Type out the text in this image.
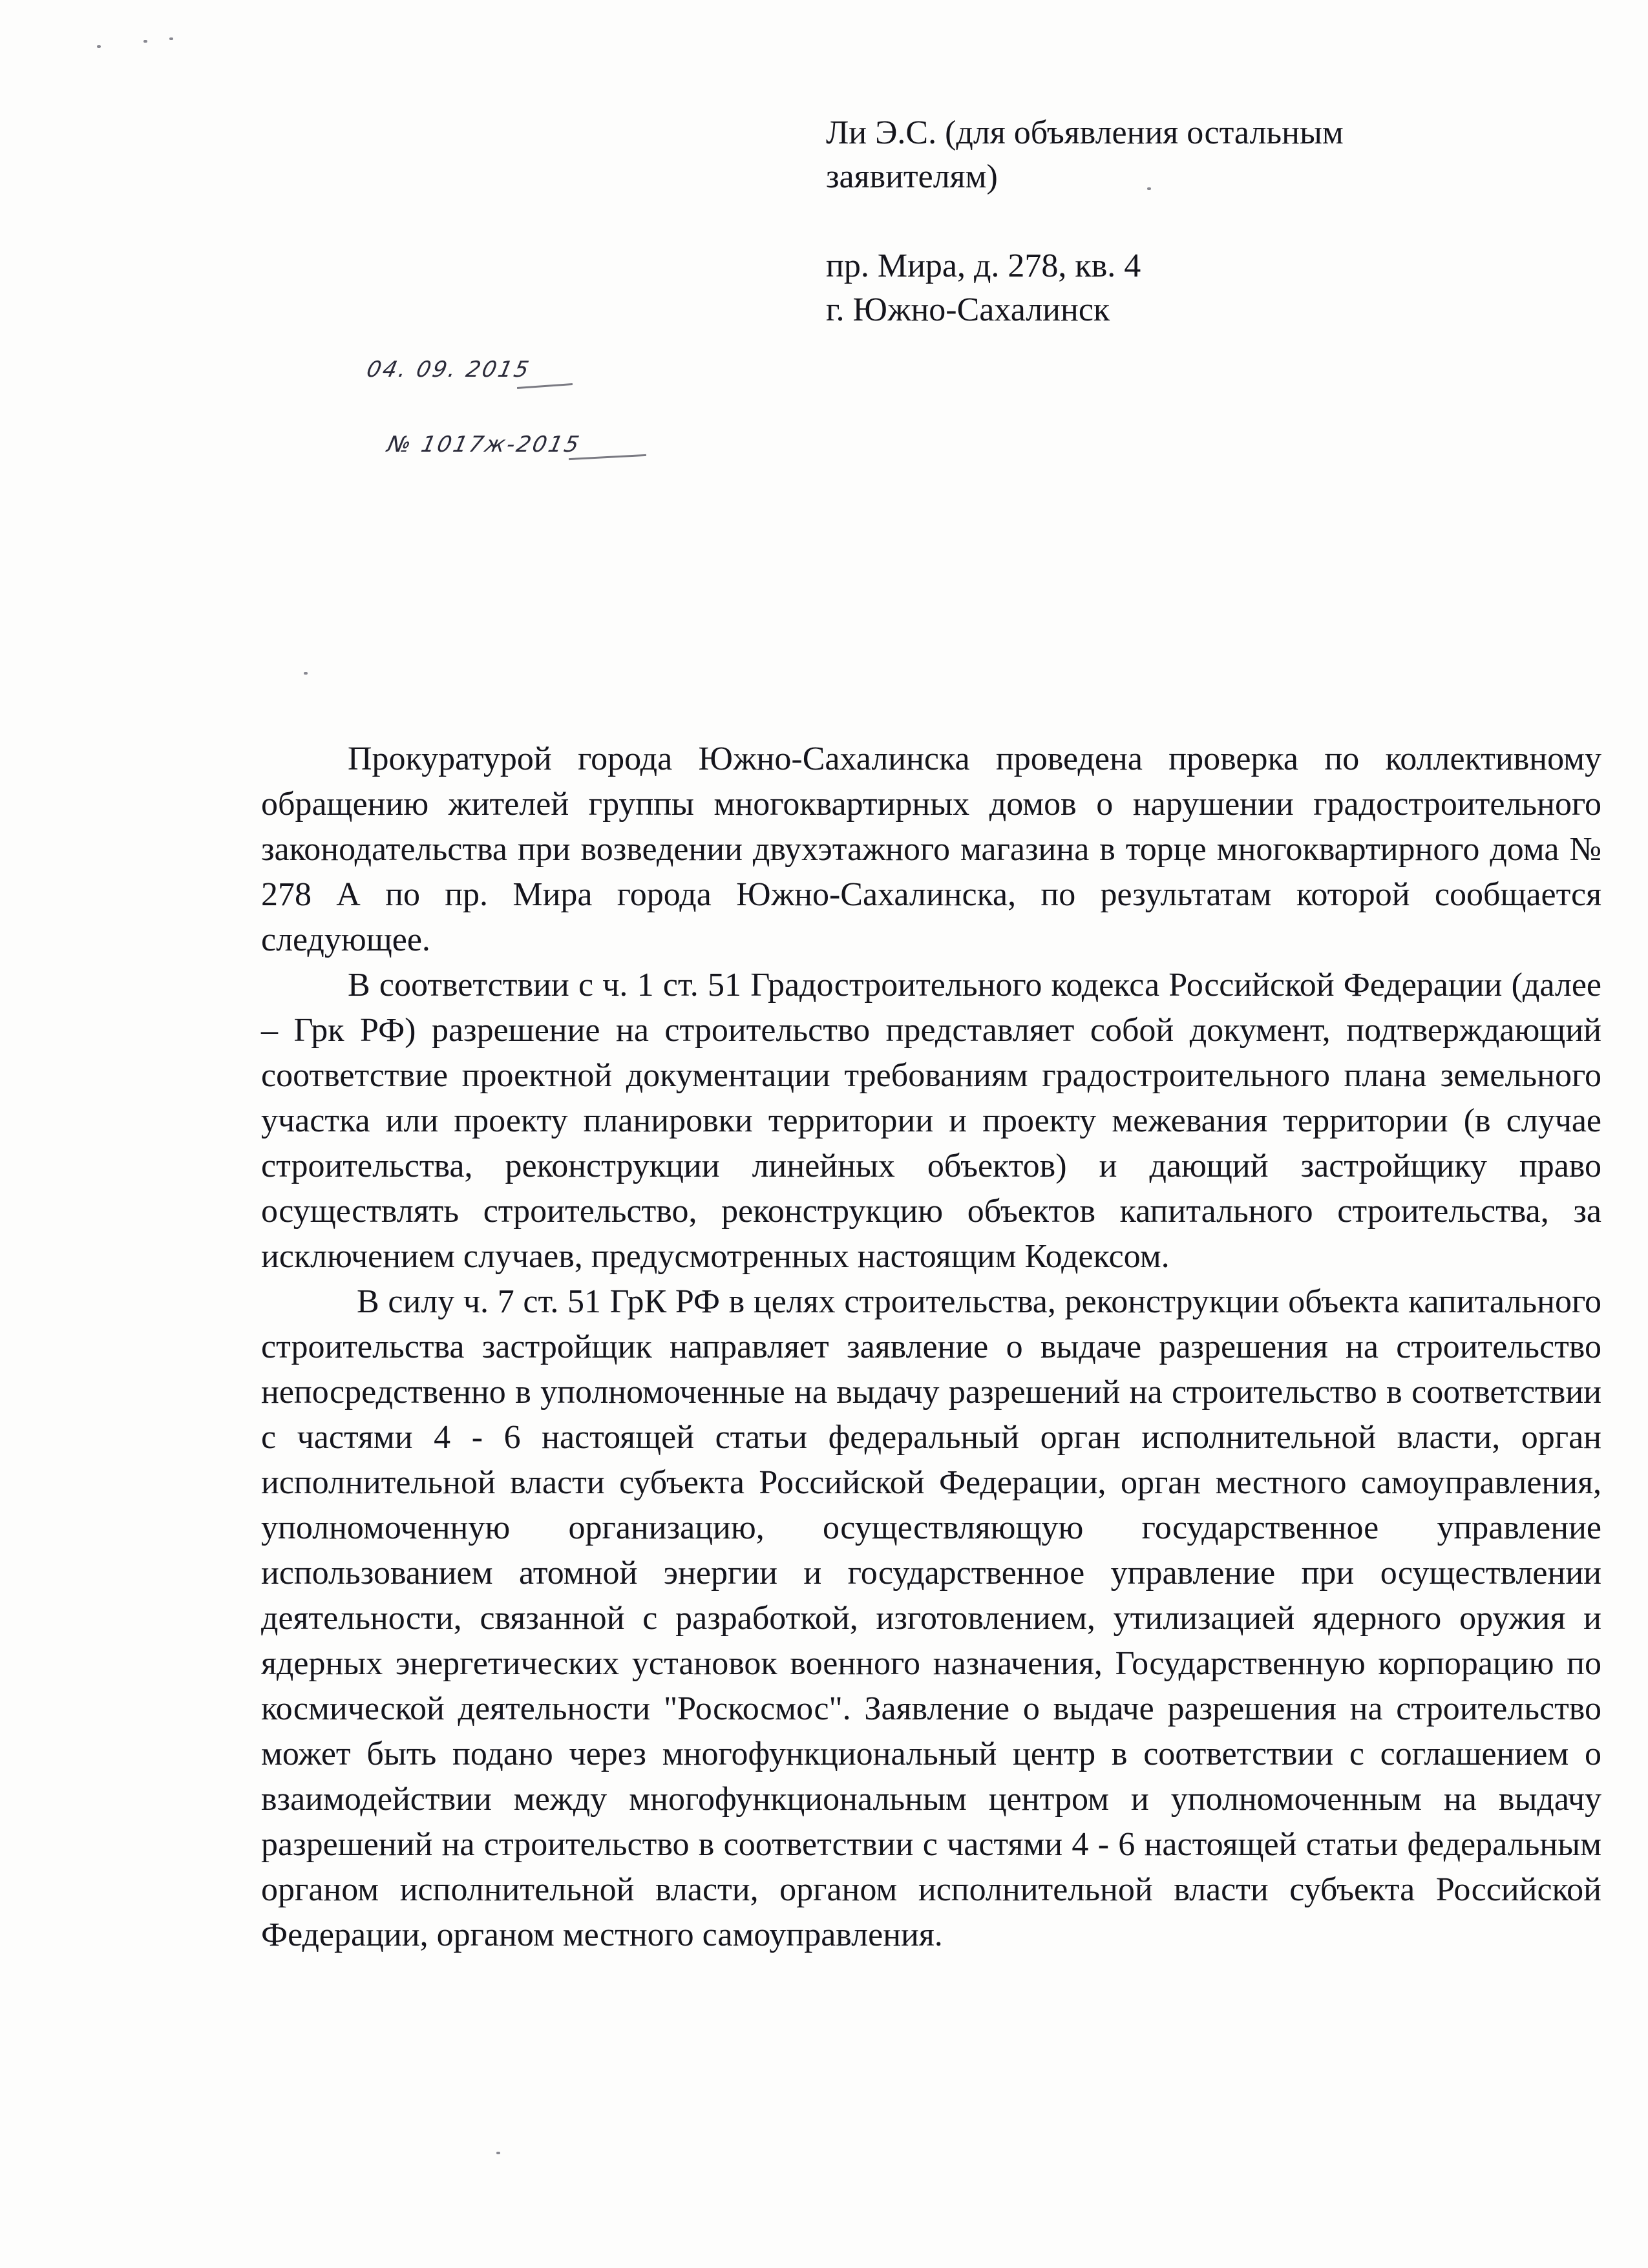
Ли Э.С. (для объявления остальным
заявителям)
пр. Мира, д. 278, кв. 4
г. Южно-Сахалинск
04. 09. 2015
№ 1017ж-2015

Прокуратурой города Южно-Сахалинска проведена проверка по коллективному обращению жителей группы многоквартирных домов о нарушении градостроительного законодательства при возведении двухэтажного магазина в торце многоквартирного дома № 278 А по пр. Мира города Южно-Сахалинска, по результатам которой сообщается следующее.

В соответствии с ч. 1 ст. 51 Градостроительного кодекса Российской Федерации (далее – Грк РФ) разрешение на строительство представляет собой документ, подтверждающий соответствие проектной документации требованиям градостроительного плана земельного участка или проекту планировки территории и проекту межевания территории (в случае строительства, реконструкции линейных объектов) и дающий застройщику право осуществлять строительство, реконструкцию объектов капитального строительства, за исключением случаев, предусмотренных настоящим Кодексом.

В силу ч. 7 ст. 51 ГрК РФ в целях строительства, реконструкции объекта капитального строительства застройщик направляет заявление о выдаче разрешения на строительство непосредственно в уполномоченные на выдачу разрешений на строительство в соответствии с частями 4 - 6 настоящей статьи федеральный орган исполнительной власти, орган исполнительной власти субъекта Российской Федерации, орган местного самоуправления, уполномоченную организацию, осуществляющую государственное управление использованием атомной энергии и государственное управление при осуществлении деятельности, связанной с разработкой, изготовлением, утилизацией ядерного оружия и ядерных энергетических установок военного назначения, Государственную корпорацию по космической деятельности "Роскосмос". Заявление о выдаче разрешения на строительство может быть подано через многофункциональный центр в соответствии с соглашением о взаимодействии между многофункциональным центром и уполномоченным на выдачу разрешений на строительство в соответствии с частями 4 - 6 настоящей статьи федеральным органом исполнительной власти, органом исполнительной власти субъекта Российской Федерации, органом местного самоуправления.
